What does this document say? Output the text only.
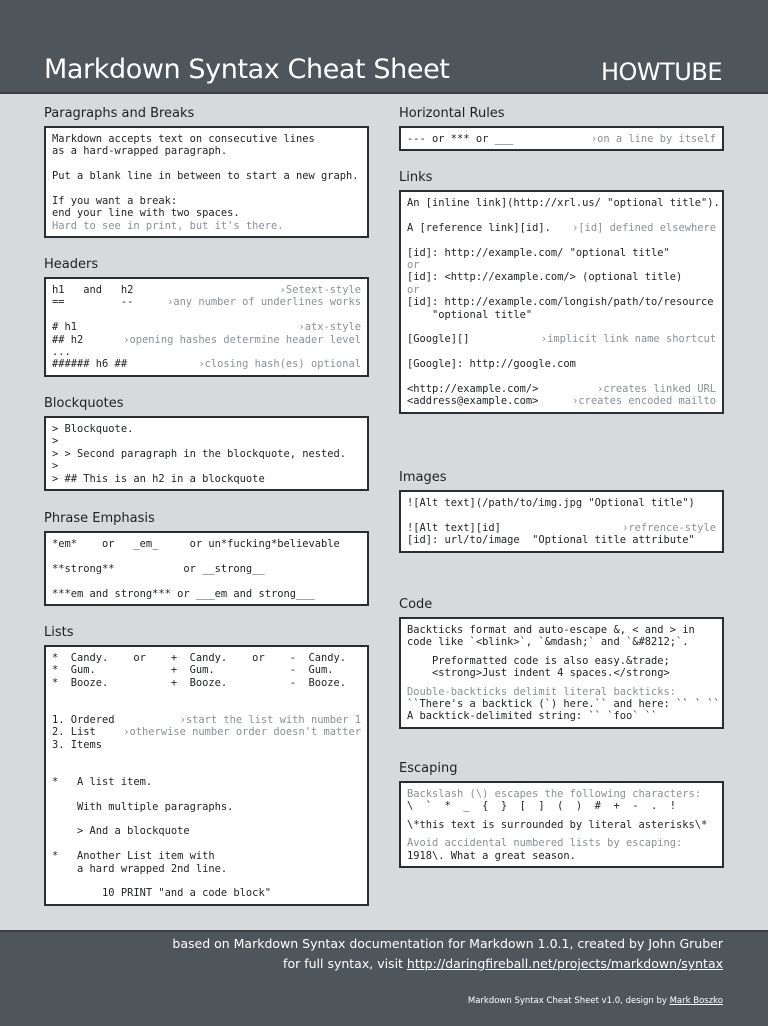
Markdown Syntax Cheat Sheet	HOWTUBE
Paragraphs and Breaks
Markdown accepts text on consecutive lines
as a hard-wrapped paragraph.
Put a blank line in between to start a new graph.
If you want a break:
end your line with two spaces.
Hard to see in print, but it's there.
Headers
h1   and   h2	›Setext-style
==         --	›any number of underlines works
# h1	›atx-style
## h2	›opening hashes determine header level
...
###### h6 ##	›closing hash(es) optional
Blockquotes
> Blockquote.
>
> > Second paragraph in the blockquote, nested.
>
> ## This is an h2 in a blockquote
Phrase Emphasis
*em*    or   _em_     or un*fucking*believable
**strong**           or __strong__
***em and strong*** or ___em and strong___
Lists
*  Candy.    or    +  Candy.    or    -  Candy.
*  Gum.            +  Gum.            -  Gum.
*  Booze.          +  Booze.          -  Booze.
1. Ordered	›start the list with number 1
2. List	›otherwise number order doesn't matter
3. Items
*   A list item.
With multiple paragraphs.
> And a blockquote
*   Another List item with
a hard wrapped 2nd line.
10 PRINT "and a code block"
Horizontal Rules
--- or *** or ___	›on a line by itself
Links
An [inline link](http://xrl.us/ "optional title").
A [reference link][id]. ›[id] defined elsewhere
[id]: http://example.com/ "optional title"
or
[id]: <http://example.com/> (optional title)
or
[id]: http://example.com/longish/path/to/resource
"optional title"
[Google][]	›implicit link name shortcut
[Google]: http://google.com
<http://example.com/>	›creates linked URL
<address@example.com>	›creates encoded mailto
Images
![Alt text](/path/to/img.jpg "Optional title")
![Alt text][id]	›refrence-style
[id]: url/to/image  "Optional title attribute"
Code
Backticks format and auto-escape &, < and > in
code like `<blink>`, `&mdash;` and `&#8212;`.
Preformatted code is also easy.&trade;
<strong>Just indent 4 spaces.</strong>
Double-backticks delimit literal backticks:
``There's a backtick (`) here.`` and here: `` ` ``
A backtick-delimited string: `` `foo` ``
Escaping
Backslash (\) escapes the following characters:
\  `  *  _  {  }  [  ]  (  )  #  +  -  .  !
\*this text is surrounded by literal asterisks\*
Avoid accidental numbered lists by escaping:
1918\. What a great season.
based on Markdown Syntax documentation for Markdown 1.0.1, created by John Gruber
for full syntax, visit http://daringfireball.net/projects/markdown/syntax
Markdown Syntax Cheat Sheet v1.0, design by Mark Boszko
